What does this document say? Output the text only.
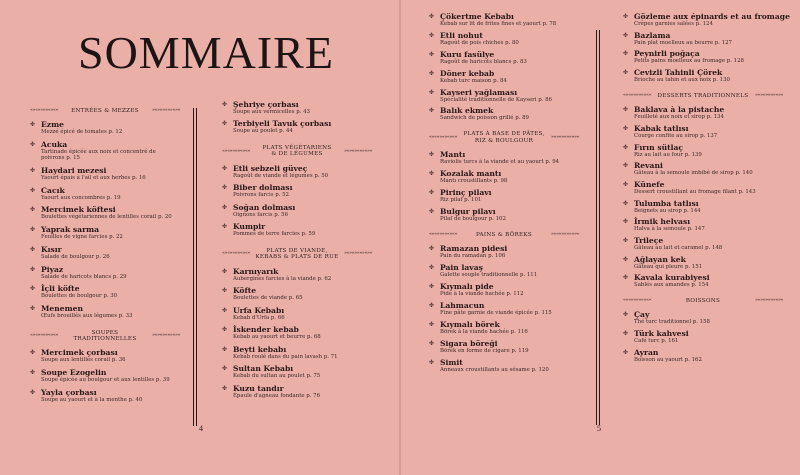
SOMMAIRE
«««««««««««	ENTRÉES & MEZZES	»»»»»»»»»»»
✤ Ezme
Mezzé épicé de tomates p. 12
✤ Acuka
Tartinade épicée aux noix et concentré de poivrons p. 15
✤ Haydari mezesi
Yaourt épais à l'ail et aux herbes p. 16
✤ Cacık
Yaourt aux concombres p. 19
✤ Mercimek köftesi
Boulettes végétariennes de lentilles corail p. 20
✤ Yaprak sarma
Feuilles de vigne farcies p. 22
✤ Kısır
Salade de boulgour p. 26
✤ Piyaz
Salade de haricots blancs p. 29
✤ İçli köfte
Boulettes de boulgour p. 30
✤ Menemen
Œufs brouillés aux légumes p. 33
«««««««««««	SOUPES TRADITIONNELLES
»»»»»»»»»»»
✤ Mercimek çorbası
Soupe aux lentilles corail p. 36
✤ Soupe Ezogelin
Soupe épicée au boulgour et aux lentilles p. 39
✤ Yayla çorbası
Soupe au yaourt et à la menthe p. 40
✤ Şehriye çorbası
Soupe aux vermicelles p. 43
✤ Terbiyeli Tavuk çorbası
Soupe au poulet p. 44
«««««««««««	PLATS VÉGÉTARIENS
& DE LÉGUMES
»»»»»»»»»»»
✤ Etli sebzeli güveç
Ragoût de viande et légumes p. 50
✤ Biber dolması
Poivrons farcis p. 52
✤ Soğan dolması
Oignons farcis p. 56
✤ Kumpir
Pommes de terre farcies p. 59
«««««««««««	PLATS DE VIANDE,
KEBABS & PLATS DE RUE
»»»»»»»»»»»
✤ Karnıyarık
Aubergines farcies à la viande p. 62
✤ Köfte
Boulettes de viande p. 65
✤ Urfa Kebabı
Kebab d'Urfa p. 66
✤ İskender kebab
Kebab au yaourt et beurre p. 68
✤ Beyti kebabı
Kebab roulé dans du pain lavash p. 71
✤ Sultan Kebabı
Kebab du sultan au poulet p. 75
✤ Kuzu tandır
Épaule d'agneau fondante p. 76
✤ Çökertme Kebabı
Kebab sur lit de frites fines et yaourt p. 78
✤ Etli nohut
Ragoût de pois chiches p. 80
✤ Kuru fasülye
Ragoût de haricots blancs p. 83
✤ Döner kebab
Kebab turc maison p. 84
✤ Kayseri yağlaması
Spécialité traditionnelle de Kayseri p. 86
✤ Balık ekmek
Sandwich de poisson grillé p. 89
«««««««««««	PLATS À BASE DE PÂTES,
RIZ & BOULGOUR
»»»»»»»»»»»
✤ Mantı
Raviolis turcs à la viande et au yaourt p. 94
✤ Kozalak mantı
Mantı croustillants p. 98
✤ Pirinç pilavı
Riz pilaf p. 101
✤ Bulgur pilavı
Pilaf de boulgour p. 102
«««««««««««	PAINS & BÖREKS	»»»»»»»»»»»
✤ Ramazan pidesi
Pain du ramadan p. 106
✤ Pain lavaş
Galette souple traditionnelle p. 111
✤ Kıymalı pide
Pide à la viande hachée p. 112
✤ Lahmacun
Fine pâte garnie de viande épicée p. 115
✤ Kıymalı börek
Börek à la viande hachée p. 116
✤ Sigara böreği
Börek en forme de cigare p. 119
✤ Simit
Anneaux croustillants au sésame p. 120
✤ Gözleme aux épinards et au fromage
Crêpes garnies salées p. 124
✤ Bazlama
Pain plat moelleux au beurre p. 127
✤ Peynirli poğaça
Petits pains moelleux au fromage p. 128
✤ Cevizli Tahinli Çörek
Brioche au tahin et aux noix p. 130
«««««««««««	DESSERTS TRADITIONNELS	»»»»»»»»»»»
✤ Baklava à la pistache
Feuilleté aux noix et sirop p. 134
✤ Kabak tatlısı
Courge confite au sirop p. 137
✤ Fırın sütlaç
Riz au lait au four p. 139
✤ Revani
Gâteau à la semoule imbibé de sirop p. 140
✤ Künefe
Dessert croustillant au fromage filant p. 143
✤ Tulumba tatlısı
Beignets au sirop p. 144
✤ İrmik helvası
Halva à la semoule p. 147
✤ Trileçe
Gâteau au lait et caramel p. 148
✤ Ağlayan kek
Gâteau qui pleure p. 151
✤ Kavala kurabiyesi
Sablés aux amandes p. 154
«««««««««««	BOISSONS	»»»»»»»»»»»
✤ Çay
Thé turc traditionnel p. 158
✤ Türk kahvesi
Café turc p. 161
✤ Ayran
Boisson au yaourt p. 162
4	5
